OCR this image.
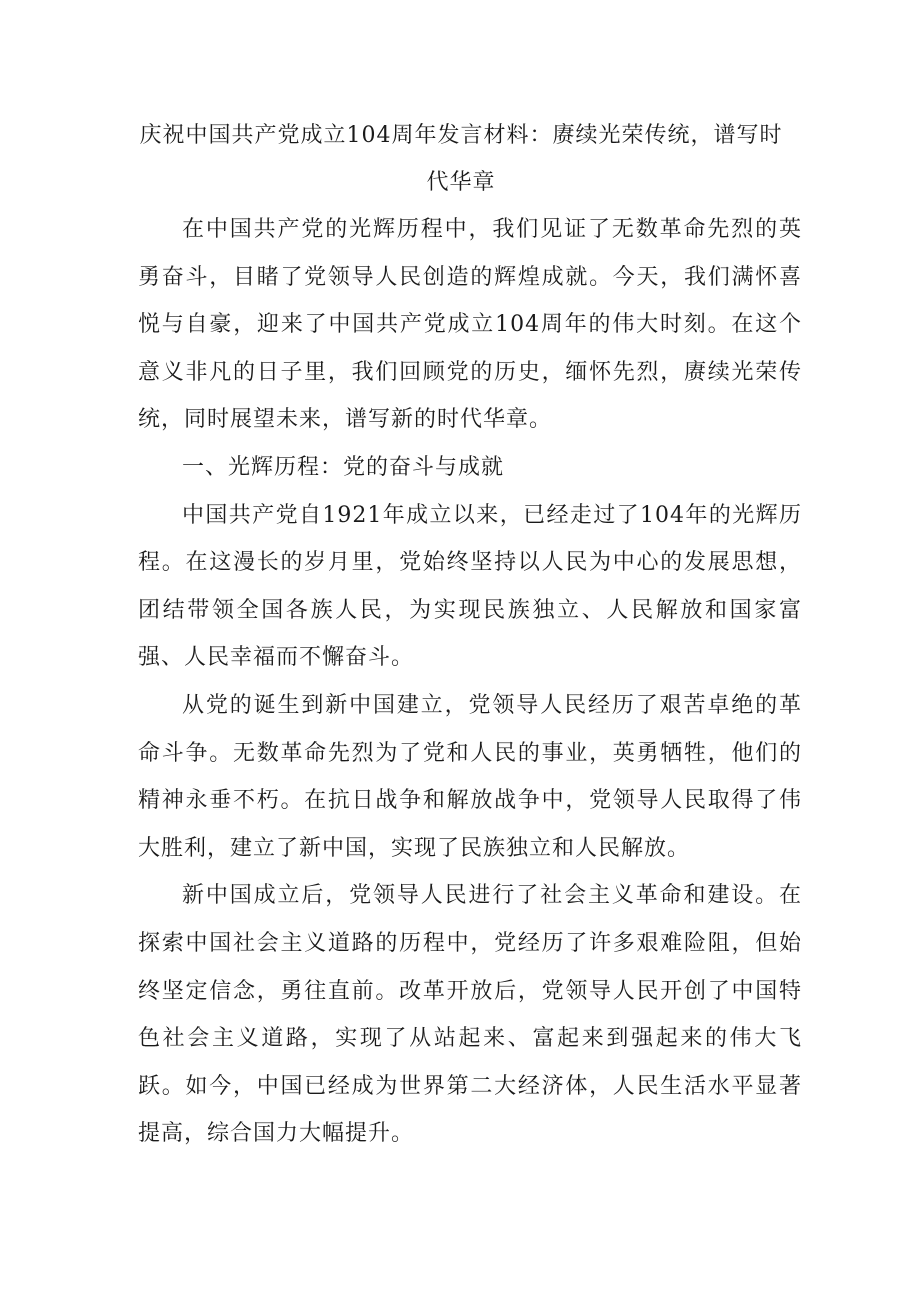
庆祝中国共产党成立104周年发言材料：赓续光荣传统，谱写时代华章

在中国共产党的光辉历程中，我们见证了无数革命先烈的英勇奋斗，目睹了党领导人民创造的辉煌成就。今天，我们满怀喜悦与自豪，迎来了中国共产党成立104周年的伟大时刻。在这个意义非凡的日子里，我们回顾党的历史，缅怀先烈，赓续光荣传统，同时展望未来，谱写新的时代华章。

一、光辉历程：党的奋斗与成就

中国共产党自1921年成立以来，已经走过了104年的光辉历程。在这漫长的岁月里，党始终坚持以人民为中心的发展思想，团结带领全国各族人民，为实现民族独立、人民解放和国家富强、人民幸福而不懈奋斗。

从党的诞生到新中国建立，党领导人民经历了艰苦卓绝的革命斗争。无数革命先烈为了党和人民的事业，英勇牺牲，他们的精神永垂不朽。在抗日战争和解放战争中，党领导人民取得了伟大胜利，建立了新中国，实现了民族独立和人民解放。

新中国成立后，党领导人民进行了社会主义革命和建设。在探索中国社会主义道路的历程中，党经历了许多艰难险阻，但始终坚定信念，勇往直前。改革开放后，党领导人民开创了中国特色社会主义道路，实现了从站起来、富起来到强起来的伟大飞跃。如今，中国已经成为世界第二大经济体，人民生活水平显著提高，综合国力大幅提升。
